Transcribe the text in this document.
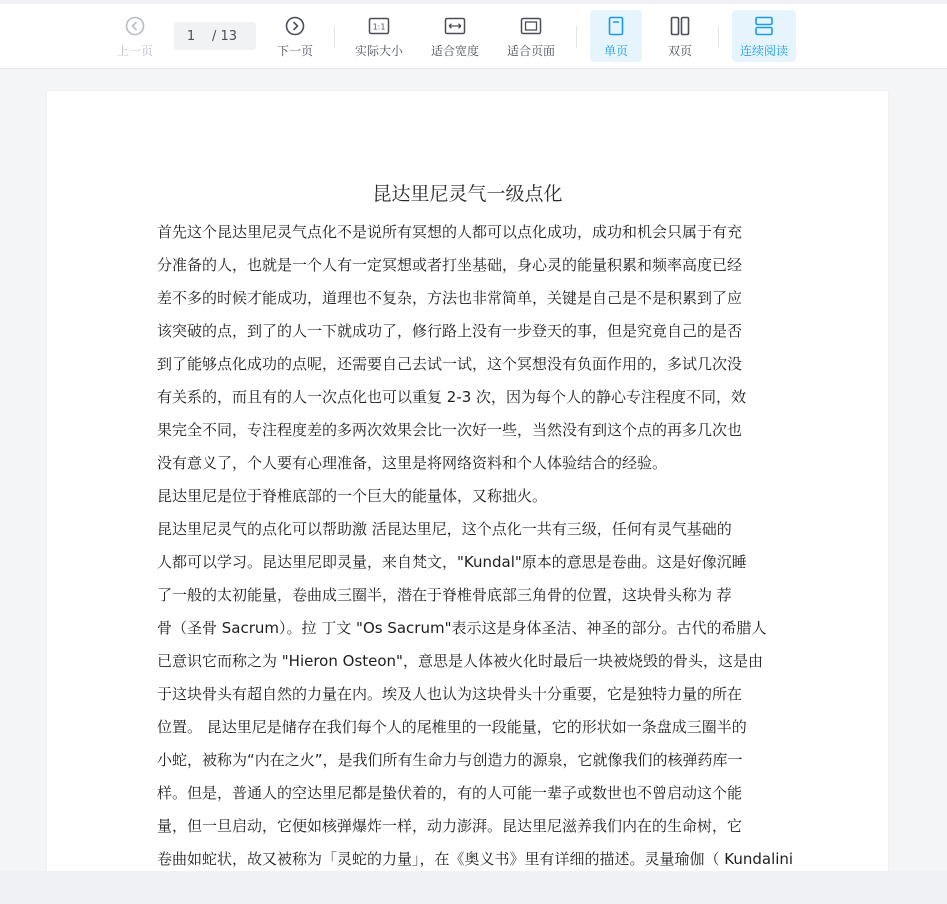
上一页
1	/ 13
下一页
1:1
实际大小 适合宽度 适合页面	单页	双页	连续阅读
昆达里尼灵气一级点化
首先这个昆达里尼灵气点化不是说所有冥想的人都可以点化成功，成功和机会只属于有充
分准备的人，也就是一个人有一定冥想或者打坐基础，身心灵的能量积累和频率高度已经
差不多的时候才能成功，道理也不复杂，方法也非常简单，关键是自己是不是积累到了应
该突破的点，到了的人一下就成功了，修行路上没有一步登天的事，但是究竟自己的是否
到了能够点化成功的点呢，还需要自己去试一试，这个冥想没有负面作用的，多试几次没
有关系的，而且有的人一次点化也可以重复 2-3 次，因为每个人的静心专注程度不同，效
果完全不同，专注程度差的多两次效果会比一次好一些，当然没有到这个点的再多几次也
没有意义了，个人要有心理准备，这里是将网络资料和个人体验结合的经验。
昆达里尼是位于脊椎底部的一个巨大的能量体，又称拙火。
昆达里尼灵气的点化可以帮助激 活昆达里尼，这个点化一共有三级，任何有灵气基础的
人都可以学习。昆达里尼即灵量，来自梵文，"Kundal"原本的意思是卷曲。这是好像沉睡
了一般的太初能量，卷曲成三圈半，潜在于脊椎骨底部三角骨的位置，这块骨头称为 荐
骨（圣骨 Sacrum）。拉 丁文 "Os Sacrum"表示这是身体圣洁、神圣的部分。古代的希腊人
已意识它而称之为 "Hieron Osteon"，意思是人体被火化时最后一块被烧毁的骨头，这是由
于这块骨头有超自然的力量在内。埃及人也认为这块骨头十分重要，它是独特力量的所在
位置。 昆达里尼是储存在我们每个人的尾椎里的一段能量，它的形状如一条盘成三圈半的
小蛇，被称为“内在之火”，是我们所有生命力与创造力的源泉，它就像我们的核弹药库一
样。但是，普通人的空达里尼都是蛰伏着的，有的人可能一辈子或数世也不曾启动这个能
量，但一旦启动，它便如核弹爆炸一样，动力澎湃。昆达里尼滋养我们内在的生命树，它
卷曲如蛇状，故又被称为「灵蛇的力量」，在《奥义书》里有详细的描述。灵量瑜伽（ Kundalini
